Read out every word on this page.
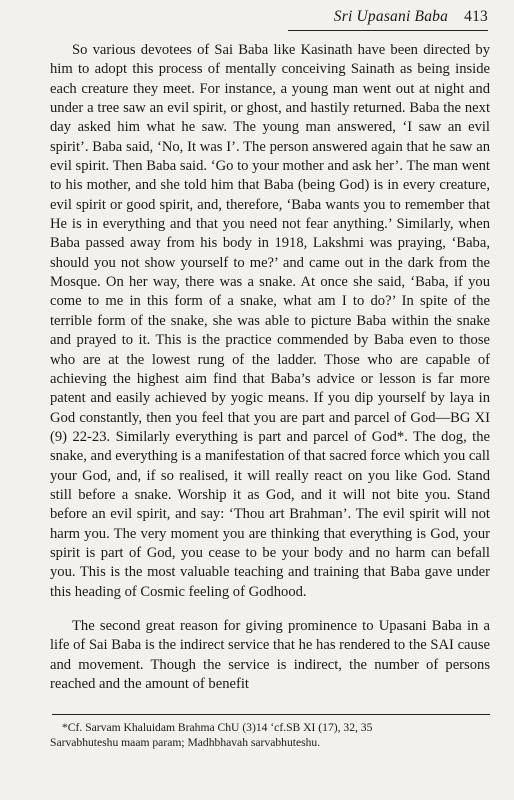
Sri Upasani Baba 413

So various devotees of Sai Baba like Kasinath have been directed by him to adopt this process of mentally conceiving Sainath as being inside each creature they meet. For instance, a young man went out at night and under a tree saw an evil spirit, or ghost, and hastily returned. Baba the next day asked him what he saw. The young man answered, ‘I saw an evil spirit’. Baba said, ‘No, It was I’. The person answered again that he saw an evil spirit. Then Baba said. ‘Go to your mother and ask her’. The man went to his mother, and she told him that Baba (being God) is in every creature, evil spirit or good spirit, and, therefore, ‘Baba wants you to remember that He is in everything and that you need not fear anything.’ Similarly, when Baba passed away from his body in 1918, Lakshmi was praying, ‘Baba, should you not show yourself to me?’ and came out in the dark from the Mosque. On her way, there was a snake. At once she said, ‘Baba, if you come to me in this form of a snake, what am I to do?’ In spite of the terrible form of the snake, she was able to picture Baba within the snake and prayed to it. This is the practice commended by Baba even to those who are at the lowest rung of the ladder. Those who are capable of achieving the highest aim find that Baba’s advice or lesson is far more patent and easily achieved by yogic means. If you dip yourself by laya in God constantly, then you feel that you are part and parcel of God—BG XI (9) 22-23. Similarly everything is part and parcel of God*. The dog, the snake, and everything is a manifestation of that sacred force which you call your God, and, if so realised, it will really react on you like God. Stand still before a snake. Worship it as God, and it will not bite you. Stand before an evil spirit, and say: ‘Thou art Brahman’. The evil spirit will not harm you. The very moment you are thinking that everything is God, your spirit is part of God, you cease to be your body and no harm can befall you. This is the most valuable teaching and training that Baba gave under this heading of Cosmic feeling of Godhood.

The second great reason for giving prominence to Upasani Baba in a life of Sai Baba is the indirect service that he has rendered to the SAI cause and movement. Though the service is indirect, the number of persons reached and the amount of benefit

*Cf. Sarvam Khaluidam Brahma ChU (3)14 ‘cf.SB XI (17), 32, 35
Sarvabhuteshu maam param; Madhbhavah sarvabhuteshu.
